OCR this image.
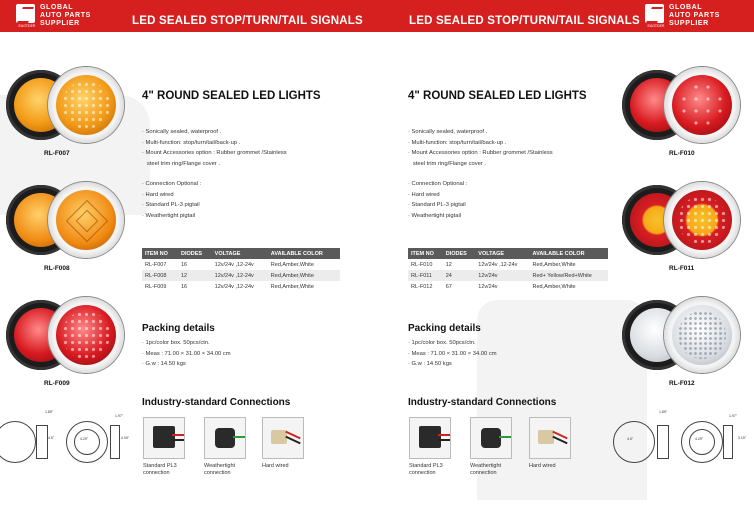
EAGTDER
GLOBAL
AUTO PARTS
SUPPLIER	LED SEALED STOP/TURN/TAIL SIGNALS
4" ROUND SEALED LED LIGHTS
· Sonically sealed, waterproof .
· Multi-function: stop/turn/tail/back-up .
· Mount Accessories option : Rubber grommet /Stainless
steel trim ring/Flange cover .
· Connection Optional :
· Hard wired
· Standard PL-3 pigtail
· Weathertight pigtail
ITEM NO	DIODES	VOLTAGE	AVAILABLE COLOR
RL-F007	16	12v/24v ,12-24v	Red,Amber,White
RL-F008	12	12v/24v ,12-24v	Red,Amber,White
RL-F009	16	12v/24v ,12-24v	Red,Amber,White
Packing details
· 1pc/color box. 50pcs/ctn.
· Meas : 71.00 × 31.00 × 34.00 cm
· G.w : 14.50 kgs
Industry-standard Connections
Standard PL3
connection
Weathertight
connection
Hard wired
1.89"
4.5"	4.29"
1.97"
4.09"
RL-F007
RL-F008
RL-F009
LED SEALED STOP/TURN/TAIL SIGNALS	EAGTDER
GLOBAL
AUTO PARTS
SUPPLIER
4" ROUND SEALED LED LIGHTS
· Sonically sealed, waterproof .
· Multi-function: stop/turn/tail/back-up .
· Mount Accessories option : Rubber grommet /Stainless
steel trim ring/Flange cover .
· Connection Optional :
· Hard wired
· Standard PL-3 pigtail
· Weathertight pigtail
ITEM NO	DIODES	VOLTAGE	AVAILABLE COLOR
RL-F010	12	12v/24v ,12-24v	Red,Amber,White
RL-F011	24	12v/24v	Red+ Yellow/Red+White
RL-F012	67	12v/24v	Red,Amber,White
Packing details
· 1pc/color box. 50pcs/ctn.
· Meas : 71.00 × 31.00 × 34.00 cm
· G.w : 14.50 kgs
Industry-standard Connections
Standard PL3
connection
Weathertight
connection
Hard wired
1.89"
4.5"	4.29"
1.97"
3.15"
RL-F010
RL-F011
RL-F012
